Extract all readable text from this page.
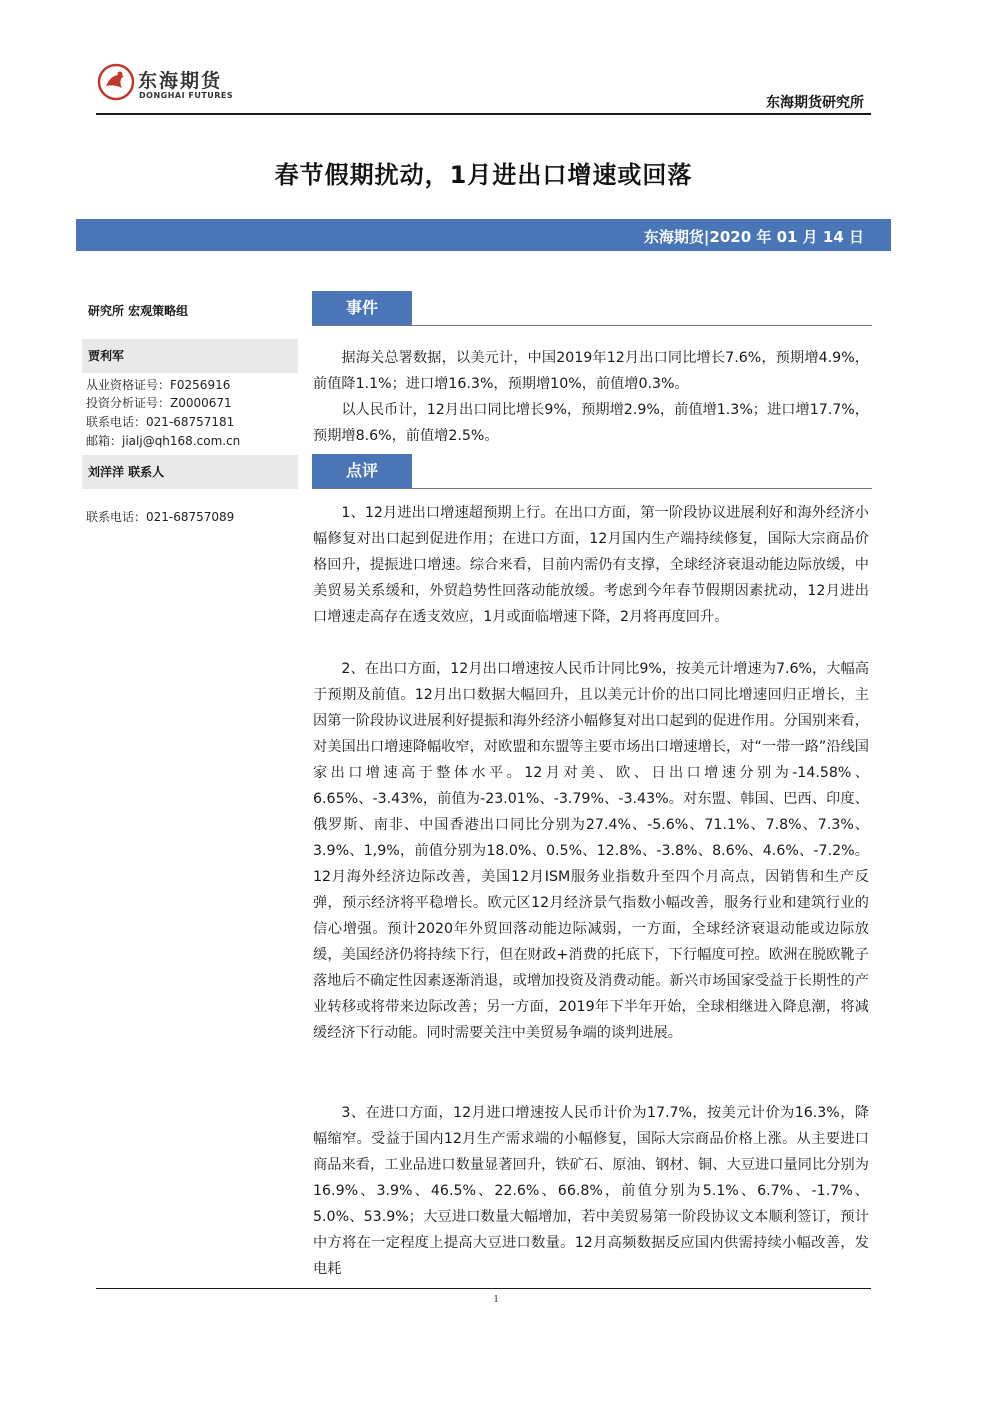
东海期货
DONGHAI FUTURES	东海期货研究所
春节假期扰动，1月进出口增速或回落
东海期货|2020 年 01 月 14 日
研究所 宏观策略组
贾利军
从业资格证号：F0256916
投资分析证号：Z0000671
联系电话：021-68757181
邮箱：jialj@qh168.com.cn
刘洋洋 联系人
联系电话：021-68757089
事件
据海关总署数据，以美元计，中国2019年12月出口同比增长7.6%，预期增4.9%，前值降1.1%；进口增16.3%，预期增10%，前值增0.3%。
以人民币计，12月出口同比增长9%，预期增2.9%，前值增1.3%；进口增17.7%，预期增8.6%，前值增2.5%。
点评
1、12月进出口增速超预期上行。在出口方面，第一阶段协议进展利好和海外经济小幅修复对出口起到促进作用；在进口方面，12月国内生产端持续修复，国际大宗商品价格回升，提振进口增速。综合来看，目前内需仍有支撑，全球经济衰退动能边际放缓，中美贸易关系缓和，外贸趋势性回落动能放缓。考虑到今年春节假期因素扰动，12月进出口增速走高存在透支效应，1月或面临增速下降，2月将再度回升。
2、在出口方面，12月出口增速按人民币计同比9%，按美元计增速为7.6%，大幅高于预期及前值。12月出口数据大幅回升，且以美元计价的出口同比增速回归正增长，主因第一阶段协议进展利好提振和海外经济小幅修复对出口起到的促进作用。分国别来看，对美国出口增速降幅收窄，对欧盟和东盟等主要市场出口增速增长，对“一带一路”沿线国家出口增速高于整体水平。12月对美、欧、日出口增速分别为-14.58%、6.65%、-3.43%，前值为-23.01%、-3.79%、-3.43%。对东盟、韩国、巴西、印度、俄罗斯、南非、中国香港出口同比分别为27.4%、-5.6%、71.1%、7.8%、7.3%、3.9%、1,9%，前值分别为18.0%、0.5%、12.8%、-3.8%、8.6%、4.6%、-7.2%。12月海外经济边际改善，美国12月ISM服务业指数升至四个月高点，因销售和生产反弹，预示经济将平稳增长。欧元区12月经济景气指数小幅改善，服务行业和建筑行业的信心增强。预计2020年外贸回落动能边际减弱，一方面，全球经济衰退动能或边际放缓，美国经济仍将持续下行，但在财政+消费的托底下，下行幅度可控。欧洲在脱欧靴子落地后不确定性因素逐渐消退，或增加投资及消费动能。新兴市场国家受益于长期性的产业转移或将带来边际改善；另一方面，2019年下半年开始，全球相继进入降息潮，将减缓经济下行动能。同时需要关注中美贸易争端的谈判进展。
3、在进口方面，12月进口增速按人民币计价为17.7%，按美元计价为16.3%，降幅缩窄。受益于国内12月生产需求端的小幅修复，国际大宗商品价格上涨。从主要进口商品来看，工业品进口数量显著回升，铁矿石、原油、钢材、铜、大豆进口量同比分别为16.9%、3.9%、46.5%、22.6%、66.8%，前值分别为5.1%、6.7%、-1.7%、5.0%、53.9%；大豆进口数量大幅增加，若中美贸易第一阶段协议文本顺利签订，预计中方将在一定程度上提高大豆进口数量。12月高频数据反应国内供需持续小幅改善，发电耗
1
